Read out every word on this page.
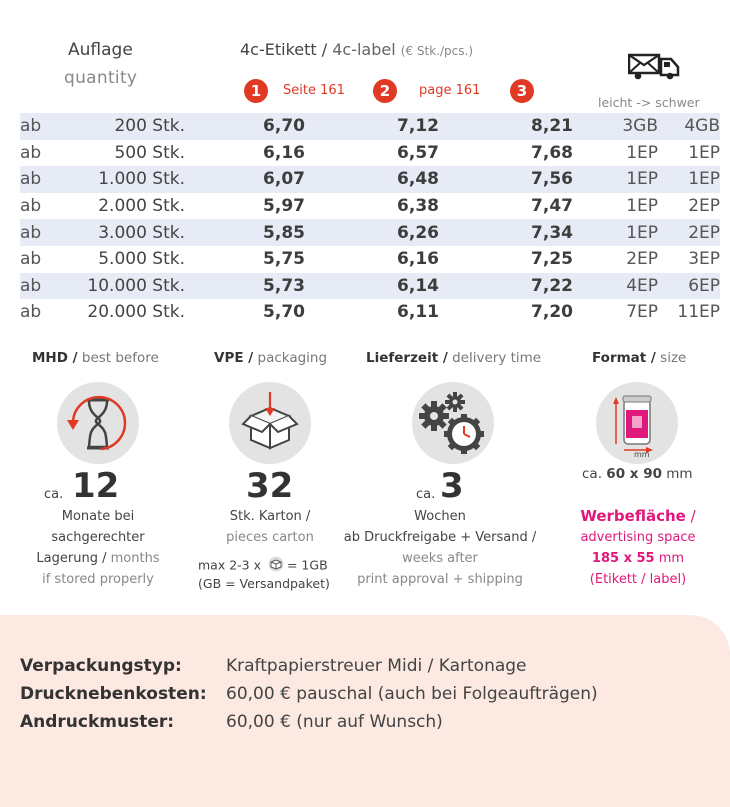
Auflage
quantity
4c-Etikett / 4c-label (€ Stk./pcs.)
1	Seite 161	2	page 161	3
leicht -> schwer
ab	200 Stk.	6,70	7,12	8,21	3GB	4GB
ab	500 Stk.	6,16	6,57	7,68	1EP	1EP
ab	1.000 Stk.	6,07	6,48	7,56	1EP	1EP
ab	2.000 Stk.	5,97	6,38	7,47	1EP	2EP
ab	3.000 Stk.	5,85	6,26	7,34	1EP	2EP
ab	5.000 Stk.	5,75	6,16	7,25	2EP	3EP
ab	10.000 Stk.	5,73	6,14	7,22	4EP	6EP
ab	20.000 Stk.	5,70	6,11	7,20	7EP	11EP
MHD / best before
ca. 12
Monate bei
sachgerechter
Lagerung / months
if stored properly
VPE / packaging
32
Stk. Karton /
pieces carton
max 2-3 x = 1GB
(GB = Versandpaket)
Lieferzeit / delivery time
ca. 3
Wochen
ab Druckfreigabe + Versand /
weeks after
print approval + shipping
Format / size
mm
ca. 60 x 90 mm
Werbefläche /
advertising space
185 x 55 mm
(Etikett / label)
Verpackungstyp:	Kraftpapierstreuer Midi / Kartonage
Drucknebenkosten: 60,00 € pauschal (auch bei Folgeaufträgen)
Andruckmuster:	60,00 € (nur auf Wunsch)
